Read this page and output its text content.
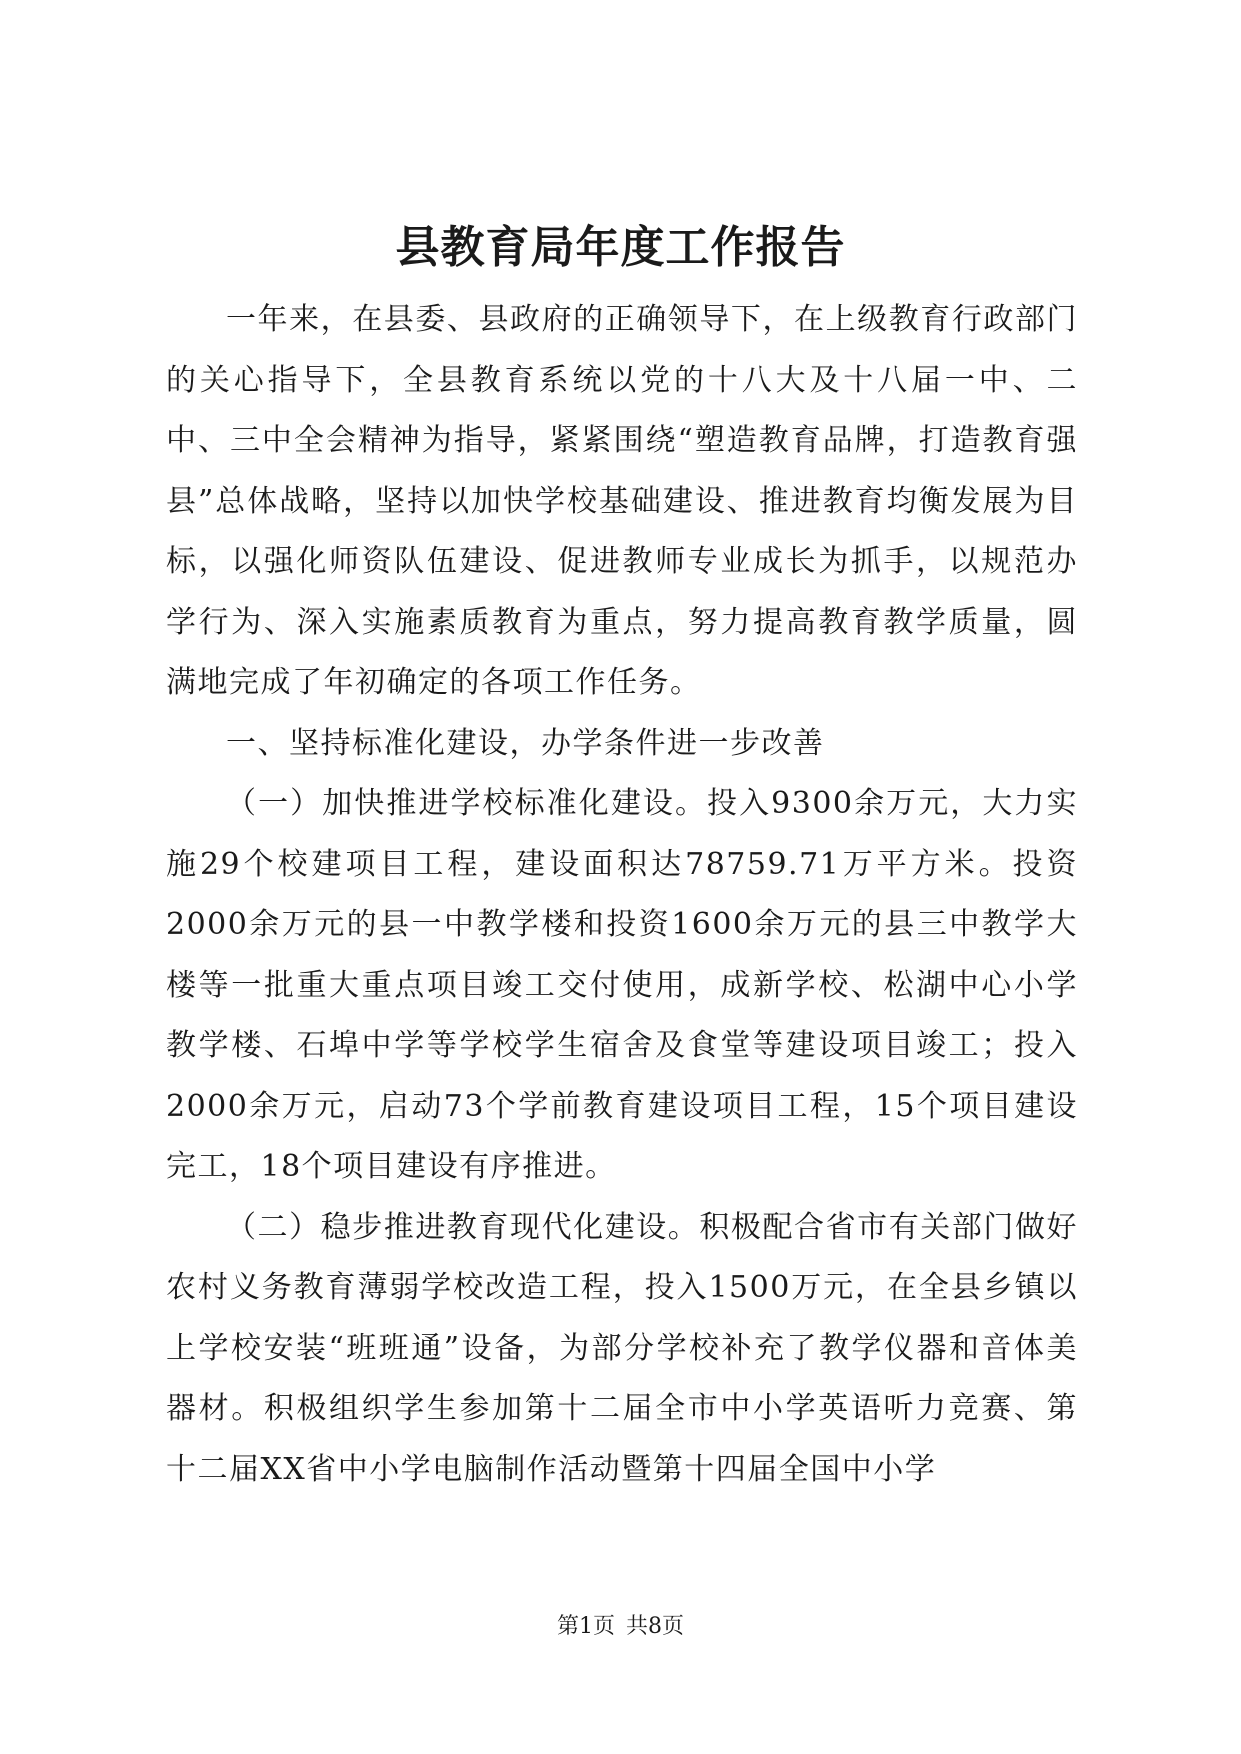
县教育局年度工作报告

一年来，在县委、县政府的正确领导下，在上级教育行政部门的关心指导下，全县教育系统以党的十八大及十八届一中、二中、三中全会精神为指导，紧紧围绕“塑造教育品牌，打造教育强县”总体战略，坚持以加快学校基础建设、推进教育均衡发展为目标，以强化师资队伍建设、促进教师专业成长为抓手，以规范办学行为、深入实施素质教育为重点，努力提高教育教学质量，圆满地完成了年初确定的各项工作任务。

一、坚持标准化建设，办学条件进一步改善

（一）加快推进学校标准化建设。投入9300余万元，大力实施29个校建项目工程，建设面积达78759.71万平方米。投资2000余万元的县一中教学楼和投资1600余万元的县三中教学大楼等一批重大重点项目竣工交付使用，成新学校、松湖中心小学教学楼、石埠中学等学校学生宿舍及食堂等建设项目竣工；投入2000余万元，启动73个学前教育建设项目工程，15个项目建设完工，18个项目建设有序推进。

（二）稳步推进教育现代化建设。积极配合省市有关部门做好农村义务教育薄弱学校改造工程，投入1500万元，在全县乡镇以上学校安装“班班通”设备，为部分学校补充了教学仪器和音体美器材。积极组织学生参加第十二届全市中小学英语听力竞赛、第十二届XX省中小学电脑制作活动暨第十四届全国中小学

第1页 共8页
